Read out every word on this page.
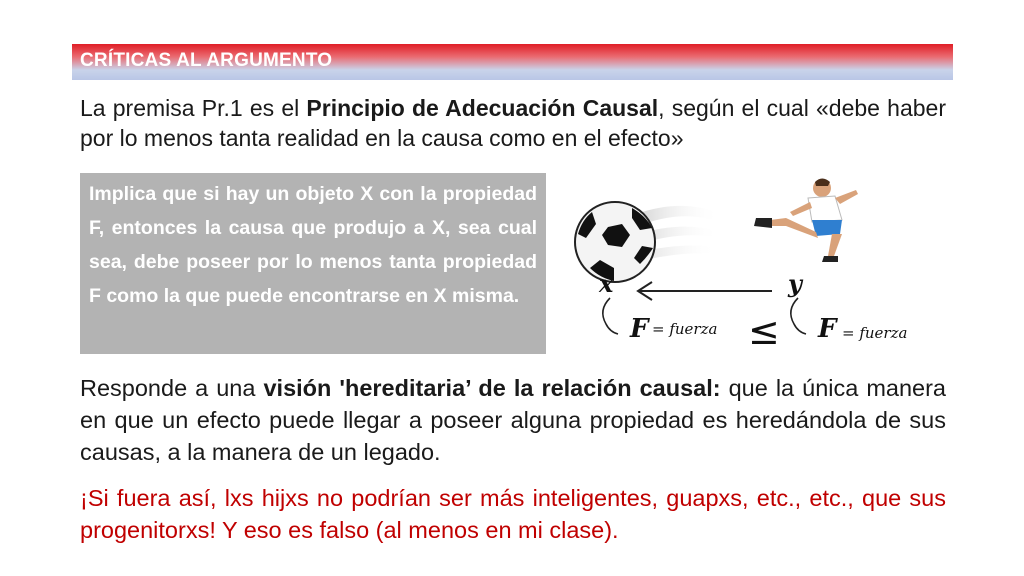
CRÍTICAS AL ARGUMENTO

La premisa Pr.1 es el Principio de Adecuación Causal, según el cual «debe haber por lo menos tanta realidad en la causa como en el efecto»

Implica que si hay un objeto X con la propiedad F, entonces la causa que produjo a X, sea cual sea, debe poseer por lo menos tanta propiedad F como la que puede encontrarse en X misma.	x	y
F = fuerza ≤ F = fuerza

Responde a una visión 'hereditaria’ de la relación causal: que la única manera en que un efecto puede llegar a poseer alguna propiedad es heredándola de sus causas, a la manera de un legado.

¡Si fuera así, lxs hijxs no podrían ser más inteligentes, guapxs, etc., etc., que sus progenitorxs! Y eso es falso (al menos en mi clase).
